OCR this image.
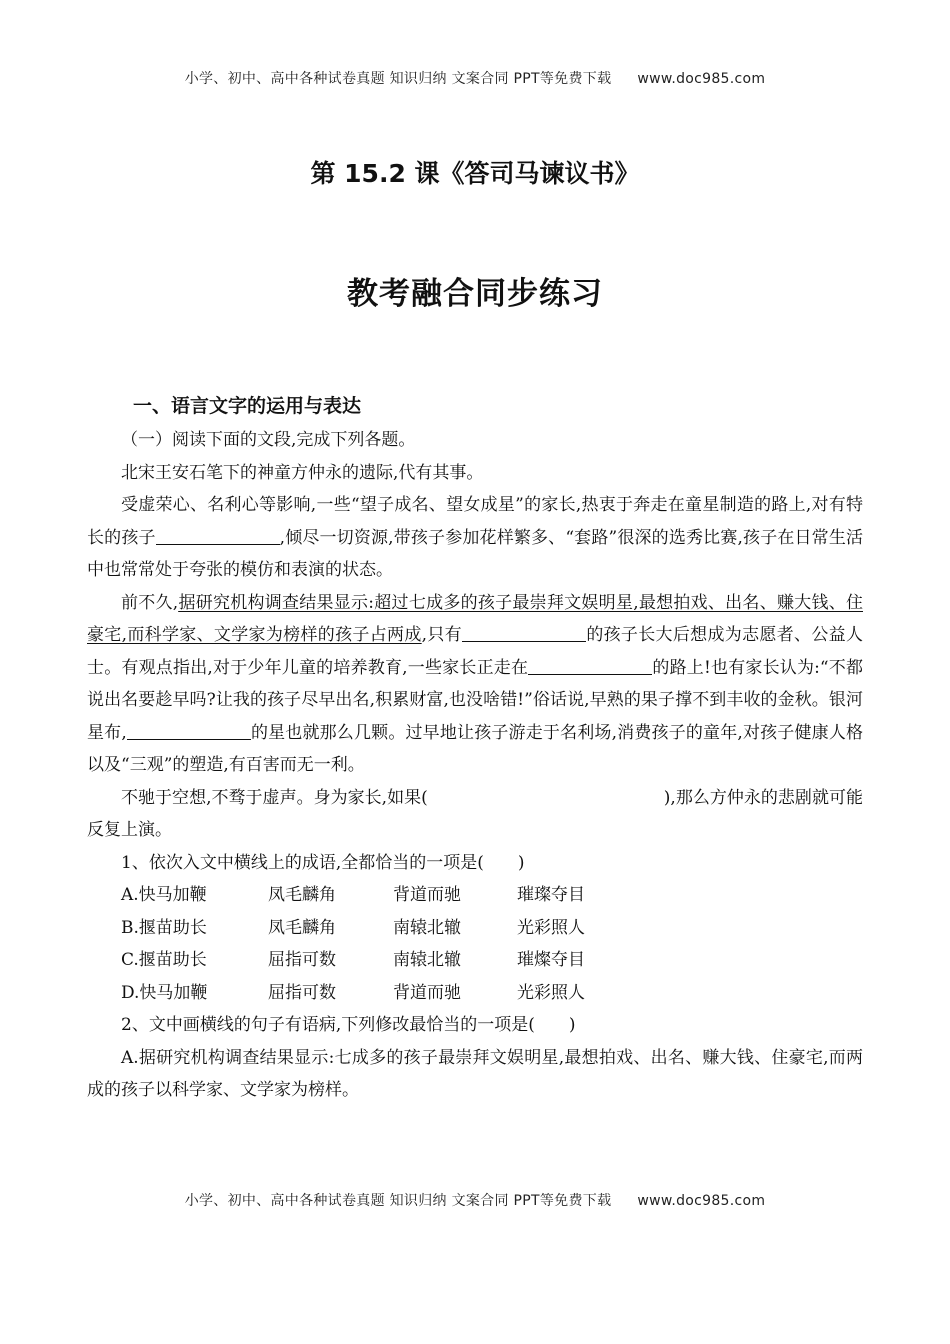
小学、初中、高中各种试卷真题 知识归纳 文案合同 PPT等免费下载 www.doc985.com
第 15.2 课《答司马谏议书》
教考融合同步练习
一、语言文字的运用与表达

（一）阅读下面的文段,完成下列各题。

北宋王安石笔下的神童方仲永的遗际,代有其事。

受虚荣心、名利心等影响,一些“望子成名、望女成星”的家长,热衷于奔走在童星制造的路上,对有特长的孩子	,倾尽一切资源,带孩子参加花样繁多、“套路”很深的选秀比赛,孩子在日常生活中也常常处于夸张的模仿和表演的状态。

前不久,据研究机构调查结果显示:超过七成多的孩子最崇拜文娱明星,最想拍戏、出名、赚大钱、住豪宅,而科学家、文学家为榜样的孩子占两成,只有	的孩子长大后想成为志愿者、公益人士。有观点指出,对于少年儿童的培养教育,一些家长正走在	的路上!也有家长认为:“不都说出名要趁早吗?让我的孩子尽早出名,积累财富,也没啥错!”俗话说,早熟的果子撑不到丰收的金秋。银河星布,	的星也就那么几颗。过早地让孩子游走于名利场,消费孩子的童年,对孩子健康人格以及“三观”的塑造,有百害而无一利。

不驰于空想,不骛于虚声。身为家长,如果(	),那么方仲永的悲剧就可能反复上演。

1、依次入文中横线上的成语,全都恰当的一项是(　　)

A.快马加鞭	凤毛麟角	背道而驰	璀璨夺目
B.揠苗助长	凤毛麟角	南辕北辙	光彩照人
C.揠苗助长	屈指可数	南辕北辙	璀燦夺目
D.快马加鞭	屈指可数	背道而驰	光彩照人

2、文中画横线的句子有语病,下列修改最恰当的一项是(　　)

A.据研究机构调查结果显示:七成多的孩子最崇拜文娱明星,最想拍戏、出名、赚大钱、住豪宅,而两成的孩子以科学家、文学家为榜样。

小学、初中、高中各种试卷真题 知识归纳 文案合同 PPT等免费下载 www.doc985.com
